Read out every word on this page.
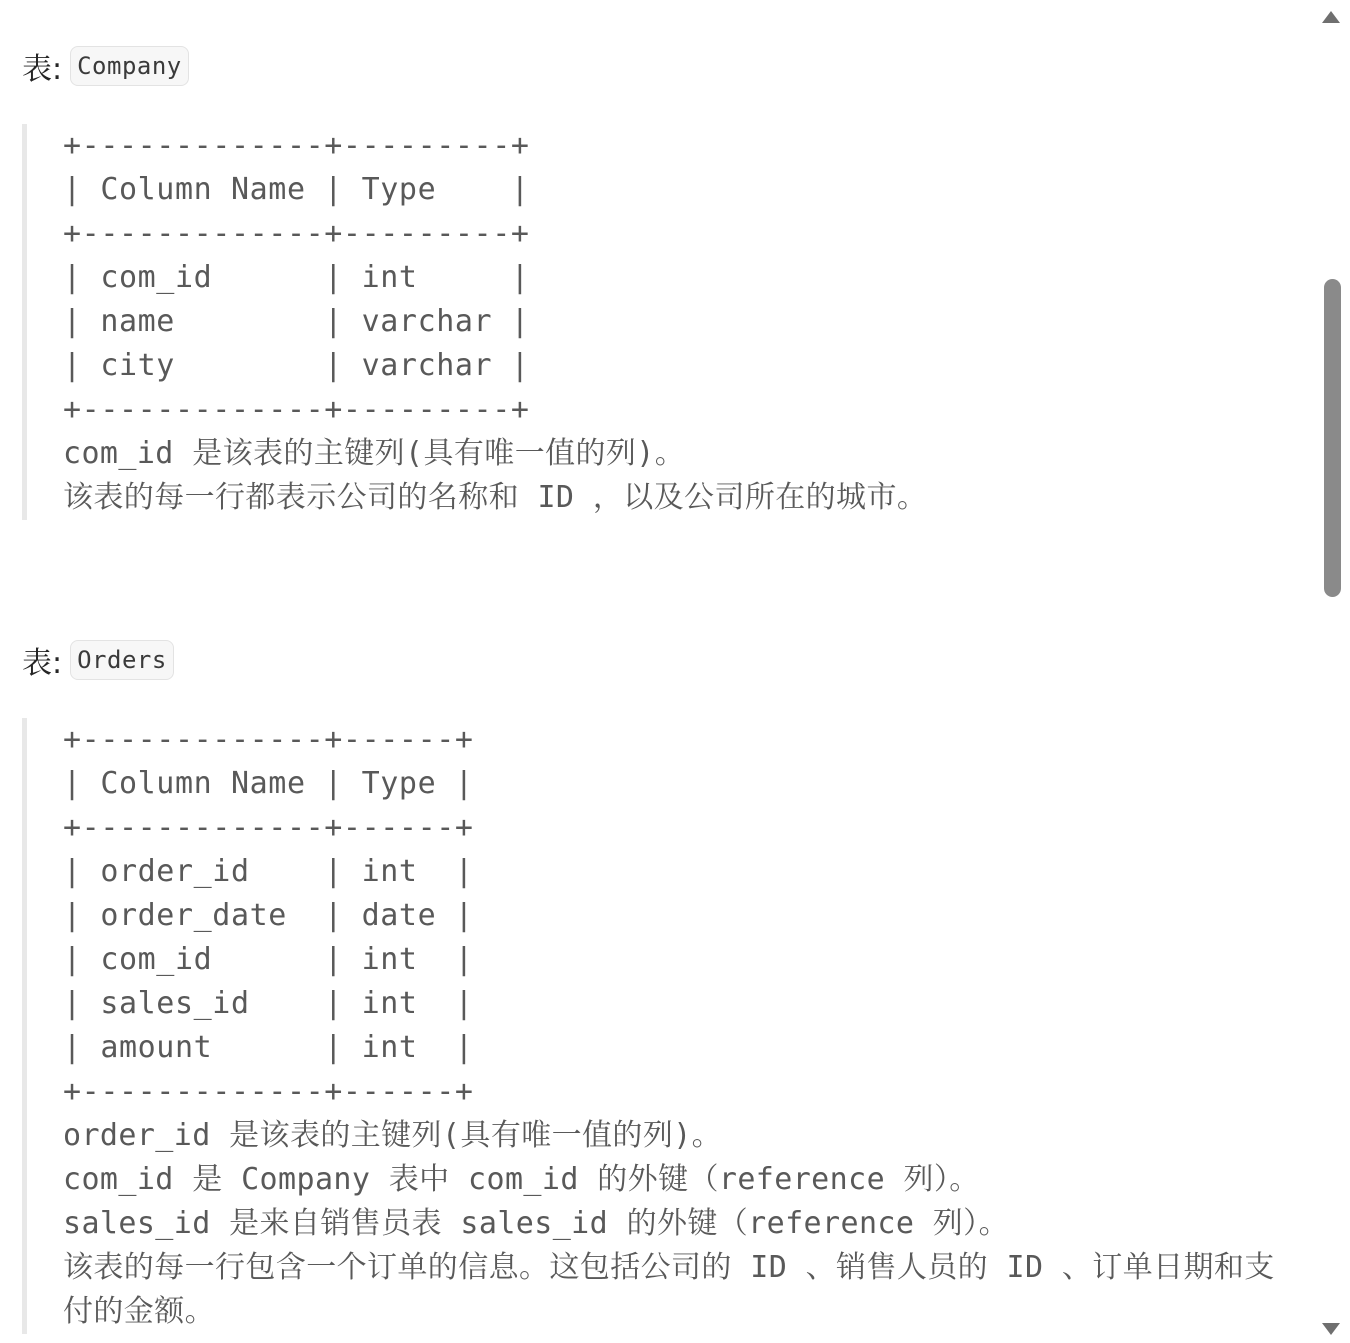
表: Company
+-------------+---------+
| Column Name | Type    |
+-------------+---------+
| com_id      | int     |
| name        | varchar |
| city        | varchar |
+-------------+---------+
com_id 是该表的主键列(具有唯一值的列)。
该表的每一行都表示公司的名称和 ID ，以及公司所在的城市。
表: Orders
+-------------+------+
| Column Name | Type |
+-------------+------+
| order_id    | int  |
| order_date  | date |
| com_id      | int  |
| sales_id    | int  |
| amount      | int  |
+-------------+------+
order_id 是该表的主键列(具有唯一值的列)。
com_id 是 Company 表中 com_id 的外键（reference 列）。
sales_id 是来自销售员表 sales_id 的外键（reference 列）。
该表的每一行包含一个订单的信息。这包括公司的 ID 、销售人员的 ID 、订单日期和支付的金额。
